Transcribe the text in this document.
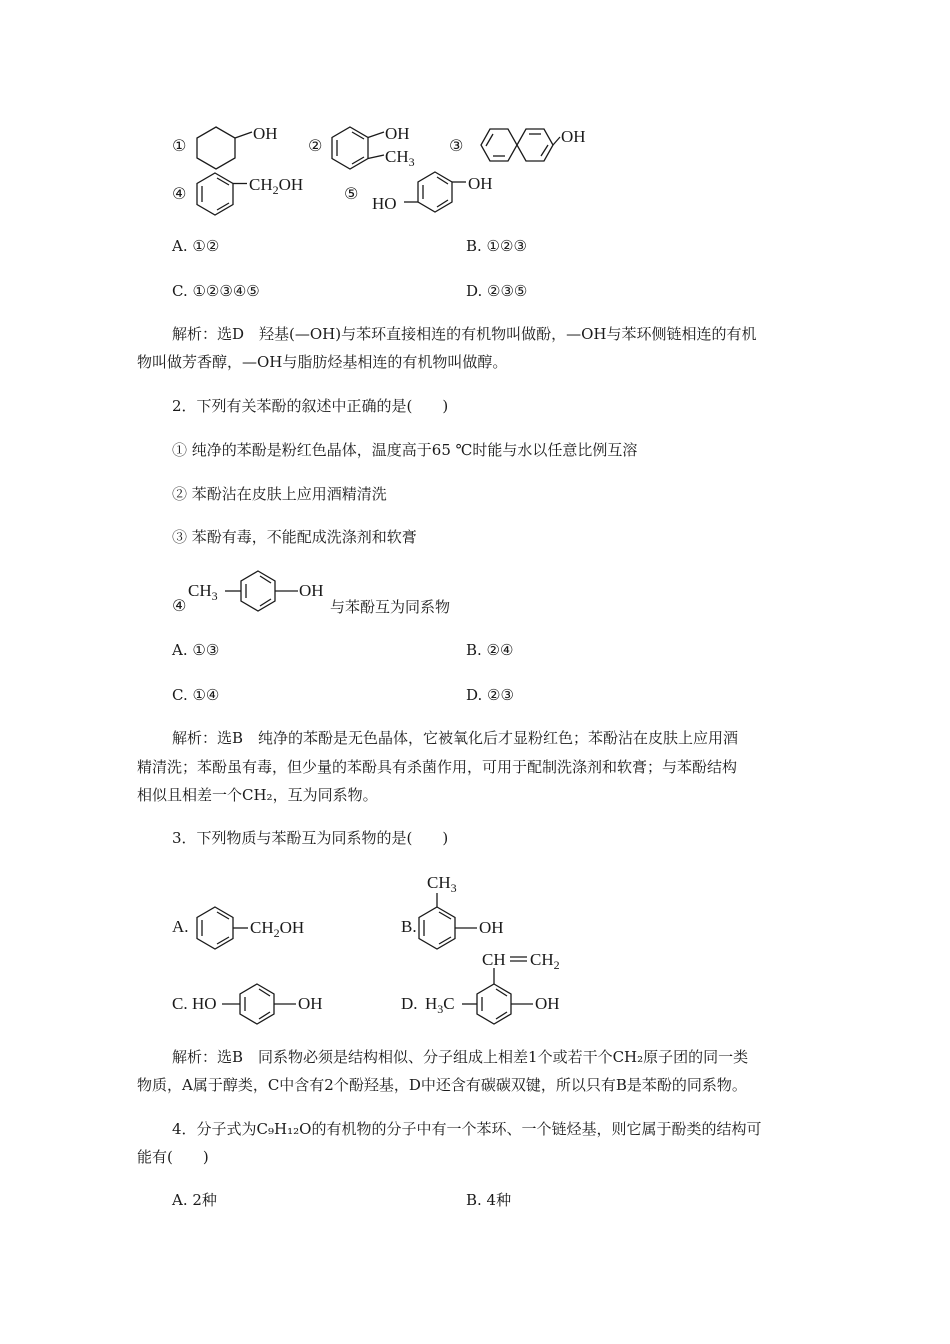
①
OH
②
OH
$CH_3$
③	OH
④	$CH_2OH$	⑤
OH
HO
A. ①②	B. ①②③
C. ①②③④⑤	D. ②③⑤
解析：选D　羟基(—OH)与苯环直接相连的有机物叫做酚，—OH与苯环侧链相连的有机
物叫做芳香醇，—OH与脂肪烃基相连的有机物叫做醇。
2．下列有关苯酚的叙述中正确的是(　　)
① 纯净的苯酚是粉红色晶体，温度高于65 ℃时能与水以任意比例互溶
② 苯酚沾在皮肤上应用酒精清洗
③ 苯酚有毒，不能配成洗涤剂和软膏
④
$CH_3$	OH
与苯酚互为同系物
A. ①③	B. ②④
C. ①④	D. ②③
解析：选B　纯净的苯酚是无色晶体，它被氧化后才显粉红色；苯酚沾在皮肤上应用酒
精清洗；苯酚虽有毒，但少量的苯酚具有杀菌作用，可用于配制洗涤剂和软膏；与苯酚结构
相似且相差一个CH₂，互为同系物。
3．下列物质与苯酚互为同系物的是(　　)
A.	$CH_2OH$	B.
$CH_3$
OH
C. HO	OH	D. $H_3C$	OH
CH $CH_2$
解析：选B　同系物必须是结构相似、分子组成上相差1个或若干个CH₂原子团的同一类
物质，A属于醇类，C中含有2个酚羟基，D中还含有碳碳双键，所以只有B是苯酚的同系物。
4．分子式为C₉H₁₂O的有机物的分子中有一个苯环、一个链烃基，则它属于酚类的结构可
能有(　　)
A. 2种	B. 4种
